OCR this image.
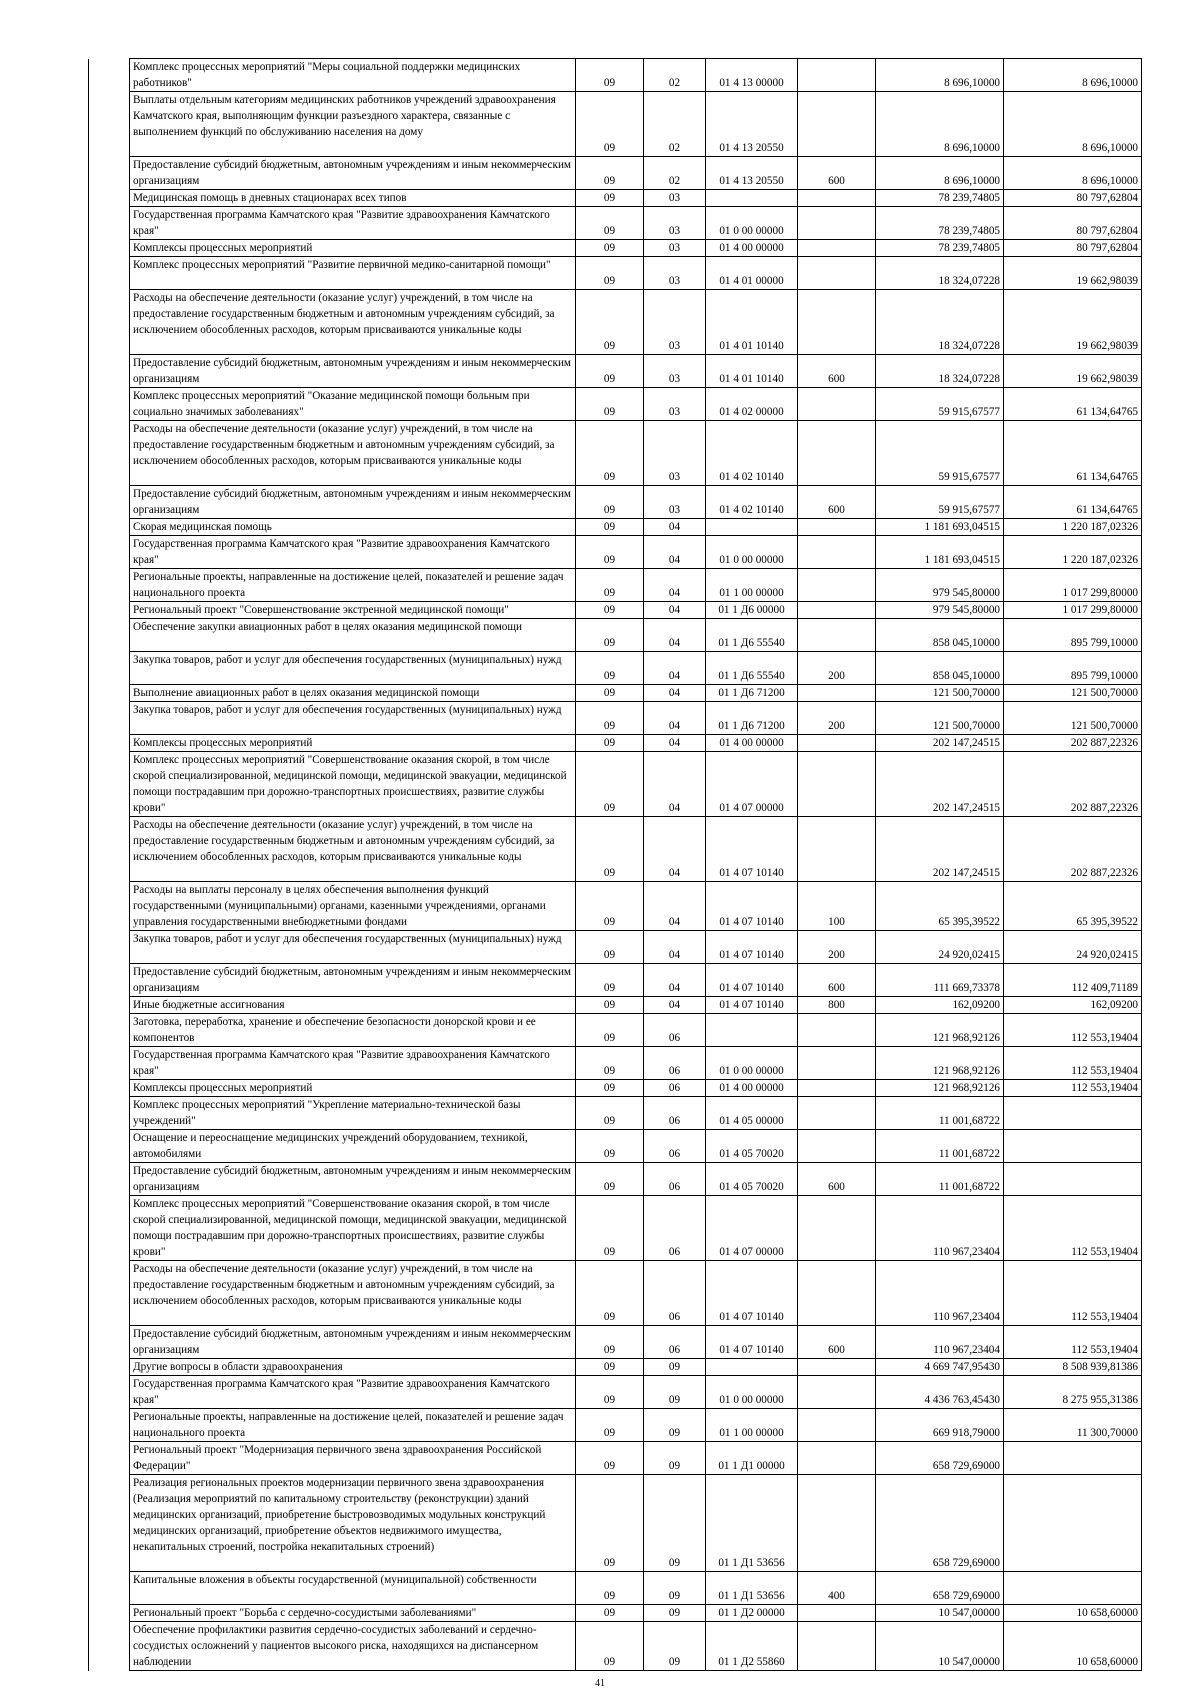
	Комплекс процессных мероприятий "Меры социальной поддержки медицинских работников"	09	02	01 4 13 00000		8 696,10000	8 696,10000
	Выплаты отдельным категориям медицинских работников учреждений здравоохранения Камчатского края, выполняющим функции разъездного характера, связанные с выполнением функций по обслуживанию населения на дому	09	02	01 4 13 20550		8 696,10000	8 696,10000
	Предоставление субсидий бюджетным, автономным учреждениям и иным некоммерческим организациям	09	02	01 4 13 20550	600	8 696,10000	8 696,10000
	Медицинская помощь в дневных стационарах всех типов	09	03			78 239,74805	80 797,62804
	Государственная программа Камчатского края "Развитие здравоохранения Камчатского края"	09	03	01 0 00 00000		78 239,74805	80 797,62804
	Комплексы процессных мероприятий	09	03	01 4 00 00000		78 239,74805	80 797,62804
	Комплекс процессных мероприятий "Развитие первичной медико-санитарной помощи"	09	03	01 4 01 00000		18 324,07228	19 662,98039
	Расходы на обеспечение деятельности (оказание услуг) учреждений, в том числе на предоставление государственным бюджетным и автономным учреждениям субсидий, за исключением обособленных расходов, которым присваиваются уникальные коды	09	03	01 4 01 10140		18 324,07228	19 662,98039
	Предоставление субсидий бюджетным, автономным учреждениям и иным некоммерческим организациям	09	03	01 4 01 10140	600	18 324,07228	19 662,98039
	Комплекс процессных мероприятий "Оказание медицинской помощи больным при социально значимых заболеваниях"	09	03	01 4 02 00000		59 915,67577	61 134,64765
	Расходы на обеспечение деятельности (оказание услуг) учреждений, в том числе на предоставление государственным бюджетным и автономным учреждениям субсидий, за исключением обособленных расходов, которым присваиваются уникальные коды	09	03	01 4 02 10140		59 915,67577	61 134,64765
	Предоставление субсидий бюджетным, автономным учреждениям и иным некоммерческим организациям	09	03	01 4 02 10140	600	59 915,67577	61 134,64765
	Скорая медицинская помощь	09	04			1 181 693,04515	1 220 187,02326
	Государственная программа Камчатского края "Развитие здравоохранения Камчатского края"	09	04	01 0 00 00000		1 181 693,04515	1 220 187,02326
	Региональные проекты, направленные на достижение целей, показателей и решение задач национального проекта	09	04	01 1 00 00000		979 545,80000	1 017 299,80000
	Региональный проект "Совершенствование экстренной медицинской помощи"	09	04	01 1 Д6 00000		979 545,80000	1 017 299,80000
	Обеспечение закупки авиационных работ в целях оказания медицинской помощи	09	04	01 1 Д6 55540		858 045,10000	895 799,10000
	Закупка товаров, работ и услуг для обеспечения государственных (муниципальных) нужд	09	04	01 1 Д6 55540	200	858 045,10000	895 799,10000
	Выполнение авиационных работ в целях оказания медицинской помощи	09	04	01 1 Д6 71200		121 500,70000	121 500,70000
	Закупка товаров, работ и услуг для обеспечения государственных (муниципальных) нужд	09	04	01 1 Д6 71200	200	121 500,70000	121 500,70000
	Комплексы процессных мероприятий	09	04	01 4 00 00000		202 147,24515	202 887,22326
	Комплекс процессных мероприятий "Совершенствование оказания скорой, в том числе скорой специализированной, медицинской помощи, медицинской эвакуации, медицинской помощи пострадавшим при дорожно-транспортных происшествиях, развитие службы крови"	09	04	01 4 07 00000		202 147,24515	202 887,22326
	Расходы на обеспечение деятельности (оказание услуг) учреждений, в том числе на предоставление государственным бюджетным и автономным учреждениям субсидий, за исключением обособленных расходов, которым присваиваются уникальные коды	09	04	01 4 07 10140		202 147,24515	202 887,22326
	Расходы на выплаты персоналу в целях обеспечения выполнения функций государственными (муниципальными) органами, казенными учреждениями, органами управления государственными внебюджетными фондами	09	04	01 4 07 10140	100	65 395,39522	65 395,39522
	Закупка товаров, работ и услуг для обеспечения государственных (муниципальных) нужд	09	04	01 4 07 10140	200	24 920,02415	24 920,02415
	Предоставление субсидий бюджетным, автономным учреждениям и иным некоммерческим организациям	09	04	01 4 07 10140	600	111 669,73378	112 409,71189
	Иные бюджетные ассигнования	09	04	01 4 07 10140	800	162,09200	162,09200
	Заготовка, переработка, хранение и обеспечение безопасности донорской крови и ее компонентов	09	06			121 968,92126	112 553,19404
	Государственная программа Камчатского края "Развитие здравоохранения Камчатского края"	09	06	01 0 00 00000		121 968,92126	112 553,19404
	Комплексы процессных мероприятий	09	06	01 4 00 00000		121 968,92126	112 553,19404
	Комплекс процессных мероприятий "Укрепление материально-технической базы учреждений"	09	06	01 4 05 00000		11 001,68722	
	Оснащение и переоснащение медицинских учреждений оборудованием, техникой, автомобилями	09	06	01 4 05 70020		11 001,68722	
	Предоставление субсидий бюджетным, автономным учреждениям и иным некоммерческим организациям	09	06	01 4 05 70020	600	11 001,68722	
	Комплекс процессных мероприятий "Совершенствование оказания скорой, в том числе скорой специализированной, медицинской помощи, медицинской эвакуации, медицинской помощи пострадавшим при дорожно-транспортных происшествиях, развитие службы крови"	09	06	01 4 07 00000		110 967,23404	112 553,19404
	Расходы на обеспечение деятельности (оказание услуг) учреждений, в том числе на предоставление государственным бюджетным и автономным учреждениям субсидий, за исключением обособленных расходов, которым присваиваются уникальные коды	09	06	01 4 07 10140		110 967,23404	112 553,19404
	Предоставление субсидий бюджетным, автономным учреждениям и иным некоммерческим организациям	09	06	01 4 07 10140	600	110 967,23404	112 553,19404
	Другие вопросы в области здравоохранения	09	09			4 669 747,95430	8 508 939,81386
	Государственная программа Камчатского края "Развитие здравоохранения Камчатского края"	09	09	01 0 00 00000		4 436 763,45430	8 275 955,31386
	Региональные проекты, направленные на достижение целей, показателей и решение задач национального проекта	09	09	01 1 00 00000		669 918,79000	11 300,70000
	Региональный проект "Модернизация первичного звена здравоохранения Российской Федерации"	09	09	01 1 Д1 00000		658 729,69000	
	Реализация региональных проектов модернизации первичного звена здравоохранения (Реализация мероприятий по капитальному строительству (реконструкции) зданий медицинских организаций, приобретение быстровозводимых модульных конструкций медицинских организаций, приобретение объектов недвижимого имущества, некапитальных строений, постройка некапитальных строений)	09	09	01 1 Д1 53656		658 729,69000	
	Капитальные вложения в объекты государственной (муниципальной) собственности	09	09	01 1 Д1 53656	400	658 729,69000	
	Региональный проект "Борьба с сердечно-сосудистыми заболеваниями"	09	09	01 1 Д2 00000		10 547,00000	10 658,60000
	Обеспечение профилактики развития сердечно-сосудистых заболеваний и сердечно-сосудистых осложнений у пациентов высокого риска, находящихся на диспансерном наблюдении	09	09	01 1 Д2 55860		10 547,00000	10 658,60000
41
